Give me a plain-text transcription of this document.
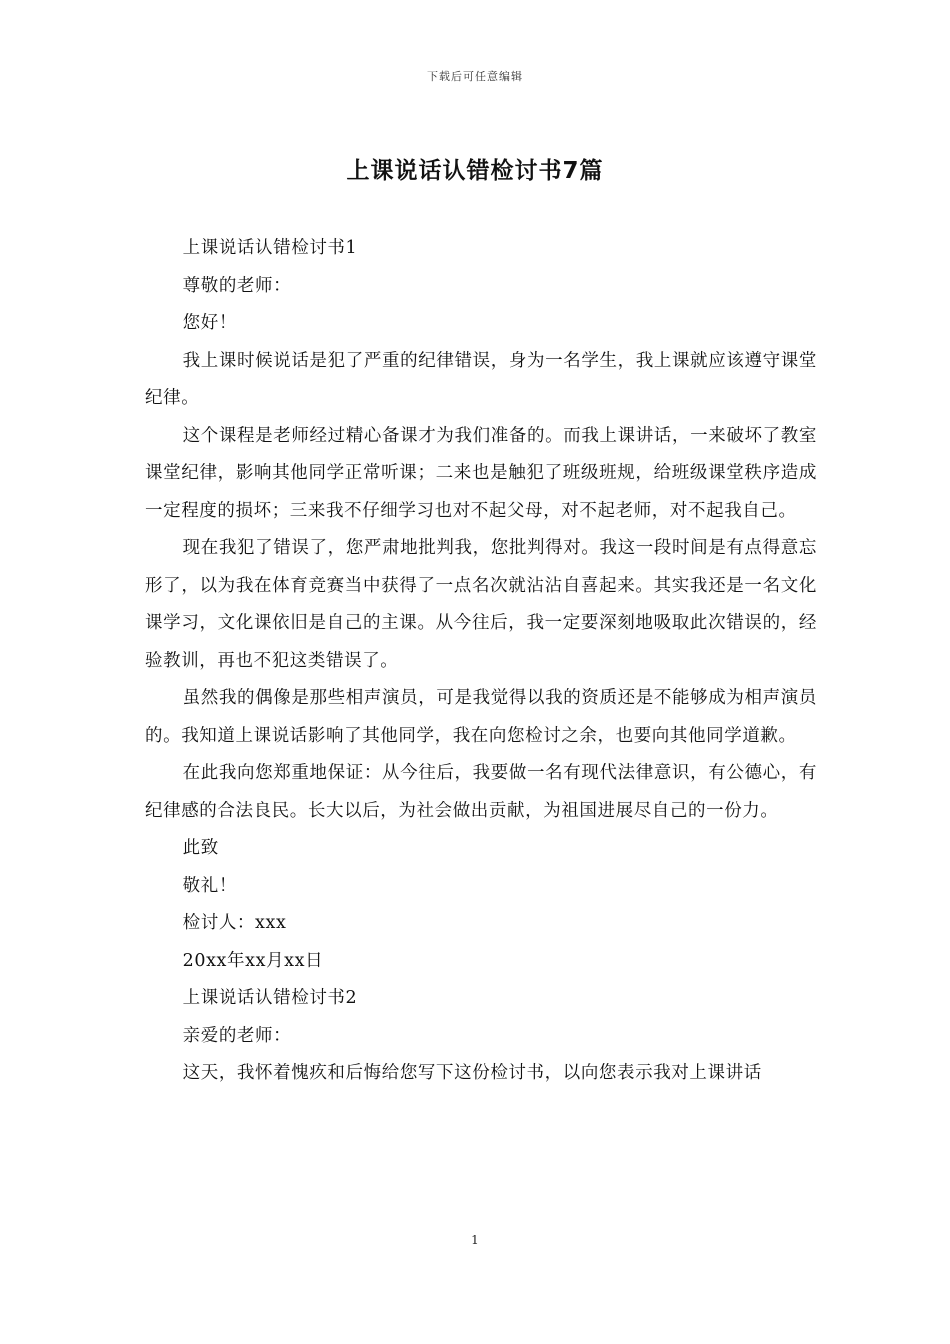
下载后可任意编辑
上课说话认错检讨书7篇

上课说话认错检讨书1

尊敬的老师：

您好！

我上课时候说话是犯了严重的纪律错误，身为一名学生，我上课就应该遵守课堂纪律。

这个课程是老师经过精心备课才为我们准备的。而我上课讲话，一来破坏了教室课堂纪律，影响其他同学正常听课；二来也是触犯了班级班规，给班级课堂秩序造成一定程度的损坏；三来我不仔细学习也对不起父母，对不起老师，对不起我自己。

现在我犯了错误了，您严肃地批判我，您批判得对。我这一段时间是有点得意忘形了，以为我在体育竞赛当中获得了一点名次就沾沾自喜起来。其实我还是一名文化课学习，文化课依旧是自己的主课。从今往后，我一定要深刻地吸取此次错误的，经验教训，再也不犯这类错误了。

虽然我的偶像是那些相声演员，可是我觉得以我的资质还是不能够成为相声演员的。我知道上课说话影响了其他同学，我在向您检讨之余，也要向其他同学道歉。

在此我向您郑重地保证：从今往后，我要做一名有现代法律意识，有公德心，有纪律感的合法良民。长大以后，为社会做出贡献，为祖国进展尽自己的一份力。

此致

敬礼！

检讨人：xxx

20xx年xx月xx日

上课说话认错检讨书2

亲爱的老师：

这天，我怀着愧疚和后悔给您写下这份检讨书，以向您表示我对上课讲话

1
